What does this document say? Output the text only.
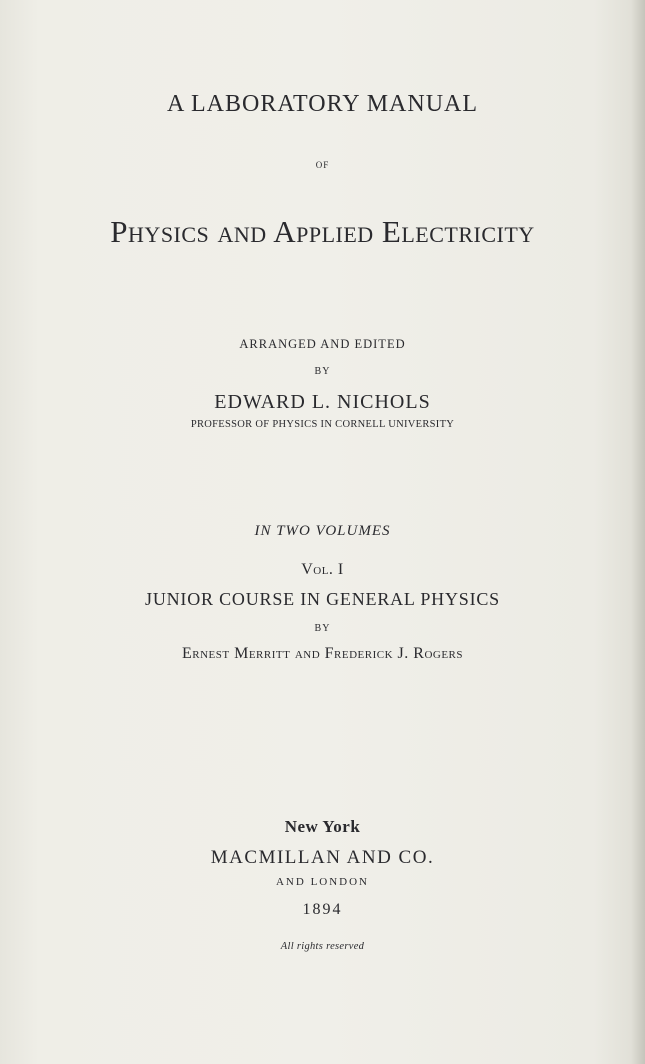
A LABORATORY MANUAL
OF
Physics and Applied Electricity
ARRANGED AND EDITED
BY
EDWARD L. NICHOLS
PROFESSOR OF PHYSICS IN CORNELL UNIVERSITY
IN TWO VOLUMES
Vol. I
JUNIOR COURSE IN GENERAL PHYSICS
BY
Ernest Merritt and Frederick J. Rogers
New York
MACMILLAN AND CO.
AND LONDON
1894
All rights reserved
